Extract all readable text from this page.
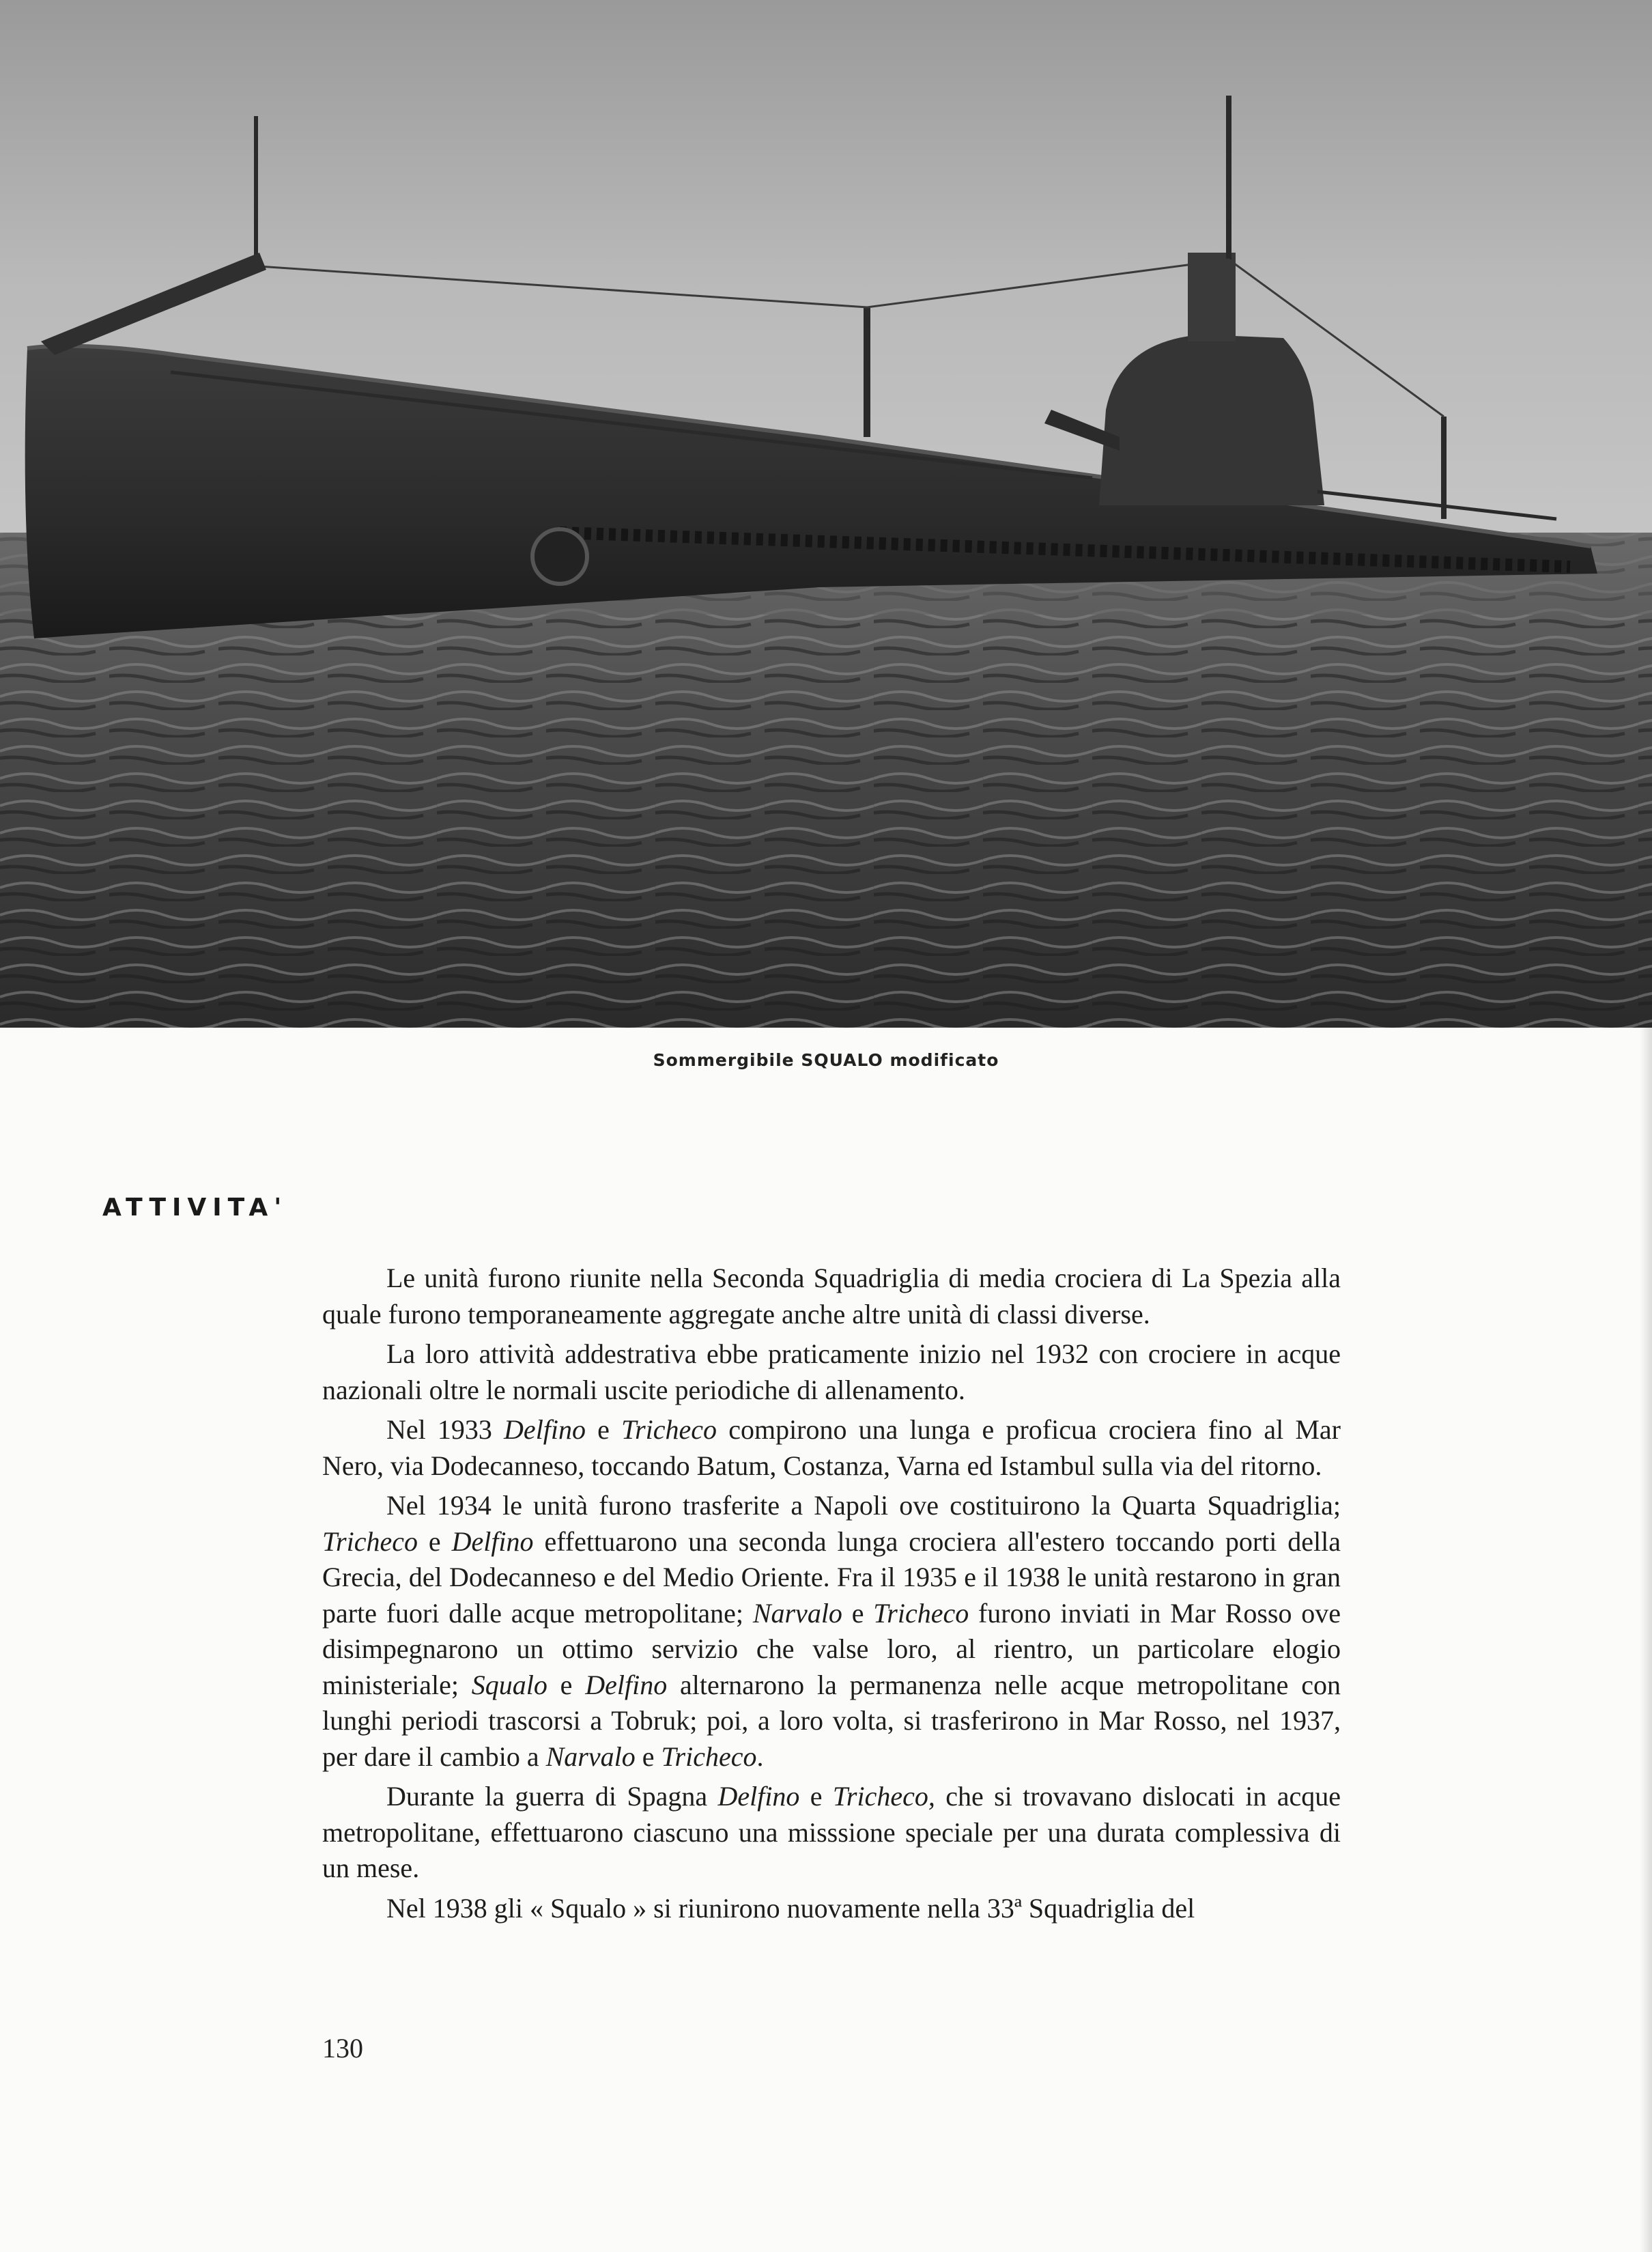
Sommergibile SQUALO modificato
ATTIVITA'

Le unità furono riunite nella Seconda Squadriglia di media crociera di La Spezia alla quale furono temporaneamente aggregate anche altre unità di classi diverse.

La loro attività addestrativa ebbe praticamente inizio nel 1932 con crociere in acque nazionali oltre le normali uscite periodiche di allenamento.

Nel 1933 Delfino e Tricheco compirono una lunga e proficua crociera fino al Mar Nero, via Dodecanneso, toccando Batum, Costanza, Varna ed Istambul sulla via del ritorno.

Nel 1934 le unità furono trasferite a Napoli ove costituirono la Quarta Squadriglia; Tricheco e Delfino effettuarono una seconda lunga crociera all'estero toccando porti della Grecia, del Dodecanneso e del Medio Oriente. Fra il 1935 e il 1938 le unità restarono in gran parte fuori dalle acque metropolitane; Narvalo e Tricheco furono inviati in Mar Rosso ove disimpegnarono un ottimo servizio che valse loro, al rientro, un particolare elogio ministeriale; Squalo e Delfino alternarono la permanenza nelle acque metropolitane con lunghi periodi trascorsi a Tobruk; poi, a loro volta, si trasferirono in Mar Rosso, nel 1937, per dare il cambio a Narvalo e Tricheco.

Durante la guerra di Spagna Delfino e Tricheco, che si trovavano dislocati in acque metropolitane, effettuarono ciascuno una misssione speciale per una durata complessiva di un mese.

Nel 1938 gli « Squalo » si riunirono nuovamente nella 33ª Squadriglia del

130
